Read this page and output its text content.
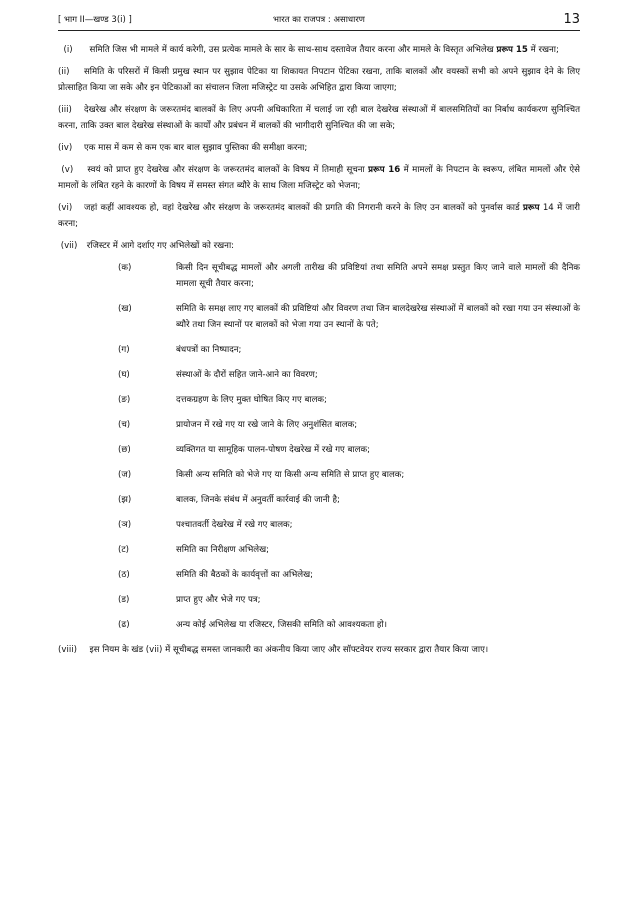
[ भाग II—खण्ड 3(i) ]	भारत का राजपत्र : असाधारण	13

(i) समिति जिस भी मामले में कार्य करेगी, उस प्रत्येक मामले के सार के साथ-साथ दस्तावेज तैयार करना और मामले के विस्तृत अभिलेख प्ररूप 15 में रखना;

(ii) समिति के परिसरों में किसी प्रमुख स्थान पर सुझाव पेटिका या शिकायत निपटान पेटिका रखना, ताकि बालकों और वयस्कों सभी को अपने सुझाव देने के लिए प्रोत्साहित किया जा सके और इन पेटिकाओं का संचालन जिला मजिस्ट्रेट या उसके अभिहित द्वारा किया जाएगा;

(iii) देखरेख और संरक्षण के जरूरतमंद बालकों के लिए अपनी अधिकारिता में चलाई जा रही बाल देखरेख संस्थाओं में बालसमितियों का निर्बाध कार्यकरण सुनिश्चित करना, ताकि उक्त बाल देखरेख संस्थाओं के कार्यों और प्रबंधन में बालकों की भागीदारी सुनिश्चित की जा सके;

(iv) एक मास में कम से कम एक बार बाल सुझाव पुस्तिका की समीक्षा करना;

(v) स्वयं को प्राप्त हुए देखरेख और संरक्षण के जरूरतमंद बालकों के विषय में तिमाही सूचना प्ररूप 16 में मामलों के निपटान के स्वरूप, लंबित मामलों और ऐसे मामलों के लंबित रहने के कारणों के विषय में समस्त संगत ब्यौरे के साथ जिला मजिस्ट्रेट को भेजना;

(vi) जहां कहीं आवश्यक हो, वहां देखरेख और संरक्षण के जरूरतमंद बालकों की प्रगति की निगरानी करने के लिए उन बालकों को पुनर्वास कार्ड प्ररूप 14 में जारी करना;

(vii) रजिस्टर में आगे दर्शाए गए अभिलेखों को रखना:

(क)	किसी दिन सूचीबद्ध मामलों और अगली तारीख की प्रविष्टियां तथा समिति अपने समक्ष प्रस्तुत किए जाने वाले मामलों की दैनिक मामला सूची तैयार करना;
(ख)	समिति के समक्ष लाए गए बालकों की प्रविष्टियां और विवरण तथा जिन बालदेखरेख संस्थाओं में बालकों को रखा गया उन संस्थाओं के ब्यौरे तथा जिन स्थानों पर बालकों को भेजा गया उन स्थानों के पते;
(ग)	बंधपत्रों का निष्पादन;
(घ)	संस्थाओं के दौरों सहित जाने-आने का विवरण;
(ङ)	दत्तकग्रहण के लिए मुक्त घोषित किए गए बालक;
(च)	प्रायोजन में रखे गए या रखे जाने के लिए अनुशंसित बालक;
(छ)	व्यक्तिगत या सामूहिक पालन-पोषण देखरेख में रखे गए बालक;
(ज)	किसी अन्य समिति को भेजे गए या किसी अन्य समिति से प्राप्त हुए बालक;
(झ)	बालक, जिनके संबंध में अनुवर्ती कार्रवाई की जानी है;
(ञ)	पश्चातवर्ती देखरेख में रखे गए बालक;
(ट)	समिति का निरीक्षण अभिलेख;
(ठ)	समिति की बैठकों के कार्यवृत्तों का अभिलेख;
(ड)	प्राप्त हुए और भेजे गए पत्र;
(ढ)	अन्य कोई अभिलेख या रजिस्टर, जिसकी समिति को आवश्यकता हो।

(viii) इस नियम के खंड (vii) में सूचीबद्ध समस्त जानकारी का अंकनीय किया जाए और सॉफ्टवेयर राज्य सरकार द्वारा तैयार किया जाए।
